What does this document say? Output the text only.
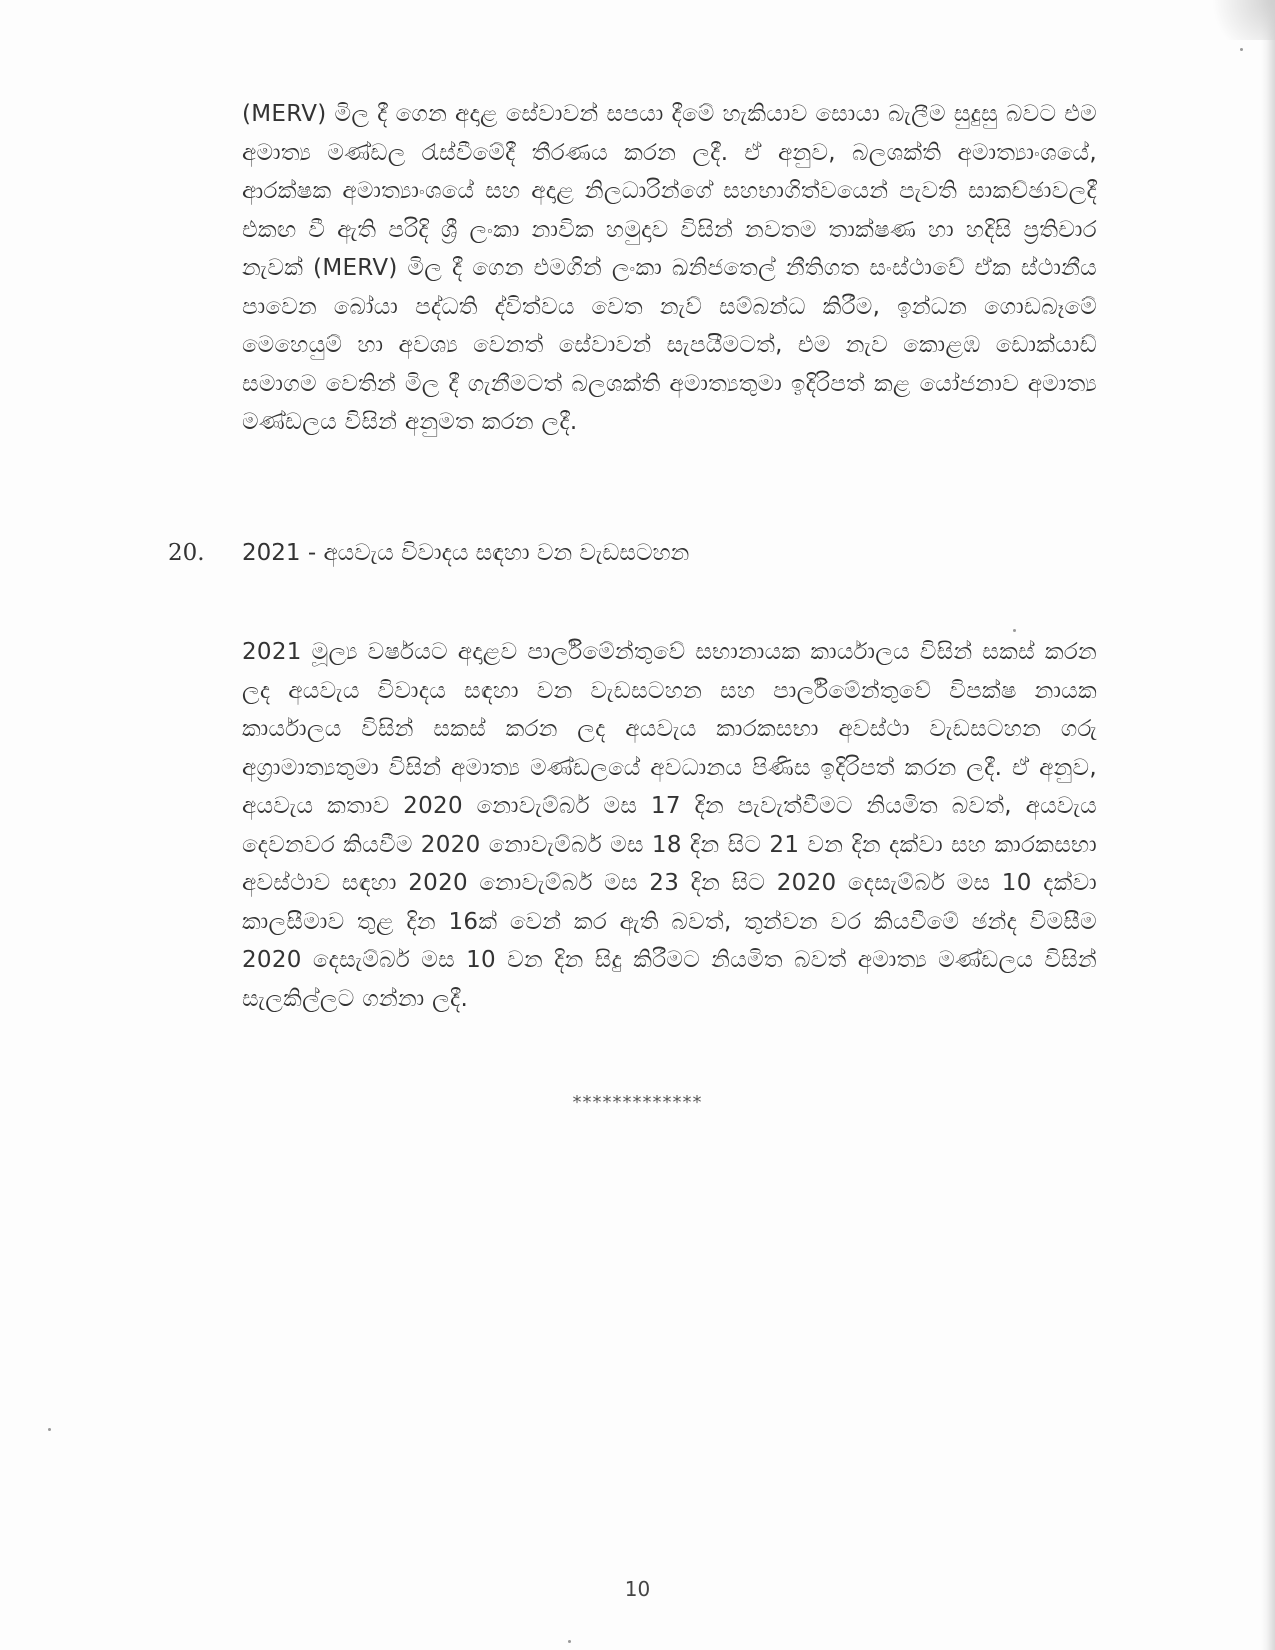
(MERV) මිල දී ගෙන අදාළ සේවාවන් සපයා දීමේ හැකියාව සොයා බැලීම සුදුසු බවට එම අමාත්‍ය මණ්ඩල රැස්වීමේදී තීරණය කරන ලදී. ඒ අනුව, බලශක්ති අමාත්‍යාංශයේ, ආරක්ෂක අමාත්‍යාංශයේ සහ අදාළ නිලධාරින්ගේ සහභාගිත්වයෙන් පැවති සාකච්ඡාවලදී එකඟ වී ඇති පරිදි ශ්‍රී ලංකා නාවික හමුදාව විසින් නවතම තාක්ෂණ හා හදිසි ප්‍රතිචාර නැවක් (MERV) මිල දී ගෙන එමගින් ලංකා ඛනිජතෙල් නීතිගත සංස්ථාවේ ඒක ස්ථානීය පාවෙන බෝයා පද්ධති ද්විත්වය වෙත නැව් සම්බන්ධ කිරීම, ඉන්ධන ගොඩබෑමේ මෙහෙයුම් හා අවශ්‍ය වෙනත් සේවාවන් සැපයීමටත්, එම නැව කොළඹ ඩොක්යාඩ් සමාගම වෙතින් මිල දී ගැනීමටත් බලශක්ති අමාත්‍යතුමා ඉදිරිපත් කළ යෝජනාව අමාත්‍ය මණ්ඩලය විසින් අනුමත කරන ලදී.

20. 2021 - අයවැය විවාදය සඳහා වන වැඩසටහන

2021 මූල්‍ය වර්ෂයට අදාළව පාර්ලිමේන්තුවේ සභානායක කාර්යාලය විසින් සකස් කරන ලද අයවැය විවාදය සඳහා වන වැඩසටහන සහ පාර්ලිමේන්තුවේ විපක්ෂ නායක කාර්යාලය විසින් සකස් කරන ලද අයවැය කාරකසභා අවස්ථා වැඩසටහන ගරු අග්‍රාමාත්‍යතුමා විසින් අමාත්‍ය මණ්ඩලයේ අවධානය පිණිස ඉදිරිපත් කරන ලදී. ඒ අනුව, අයවැය කතාව 2020 නොවැම්බර් මස 17 දින පැවැත්වීමට නියමිත බවත්, අයවැය දෙවනවර කියවීම 2020 නොවැම්බර් මස 18 දින සිට 21 වන දින දක්වා සහ කාරකසභා අවස්ථාව සඳහා 2020 නොවැම්බර් මස 23 දින සිට 2020 දෙසැම්බර් මස 10 දක්වා කාලසීමාව තුළ දින 16ක් වෙන් කර ඇති බවත්, තුන්වන වර කියවීමේ ඡන්ද විමසීම 2020 දෙසැම්බර් මස 10 වන දින සිදු කිරීමට නියමිත බවත් අමාත්‍ය මණ්ඩලය විසින් සැලකිල්ලට ගන්නා ලදී.

*************
10
